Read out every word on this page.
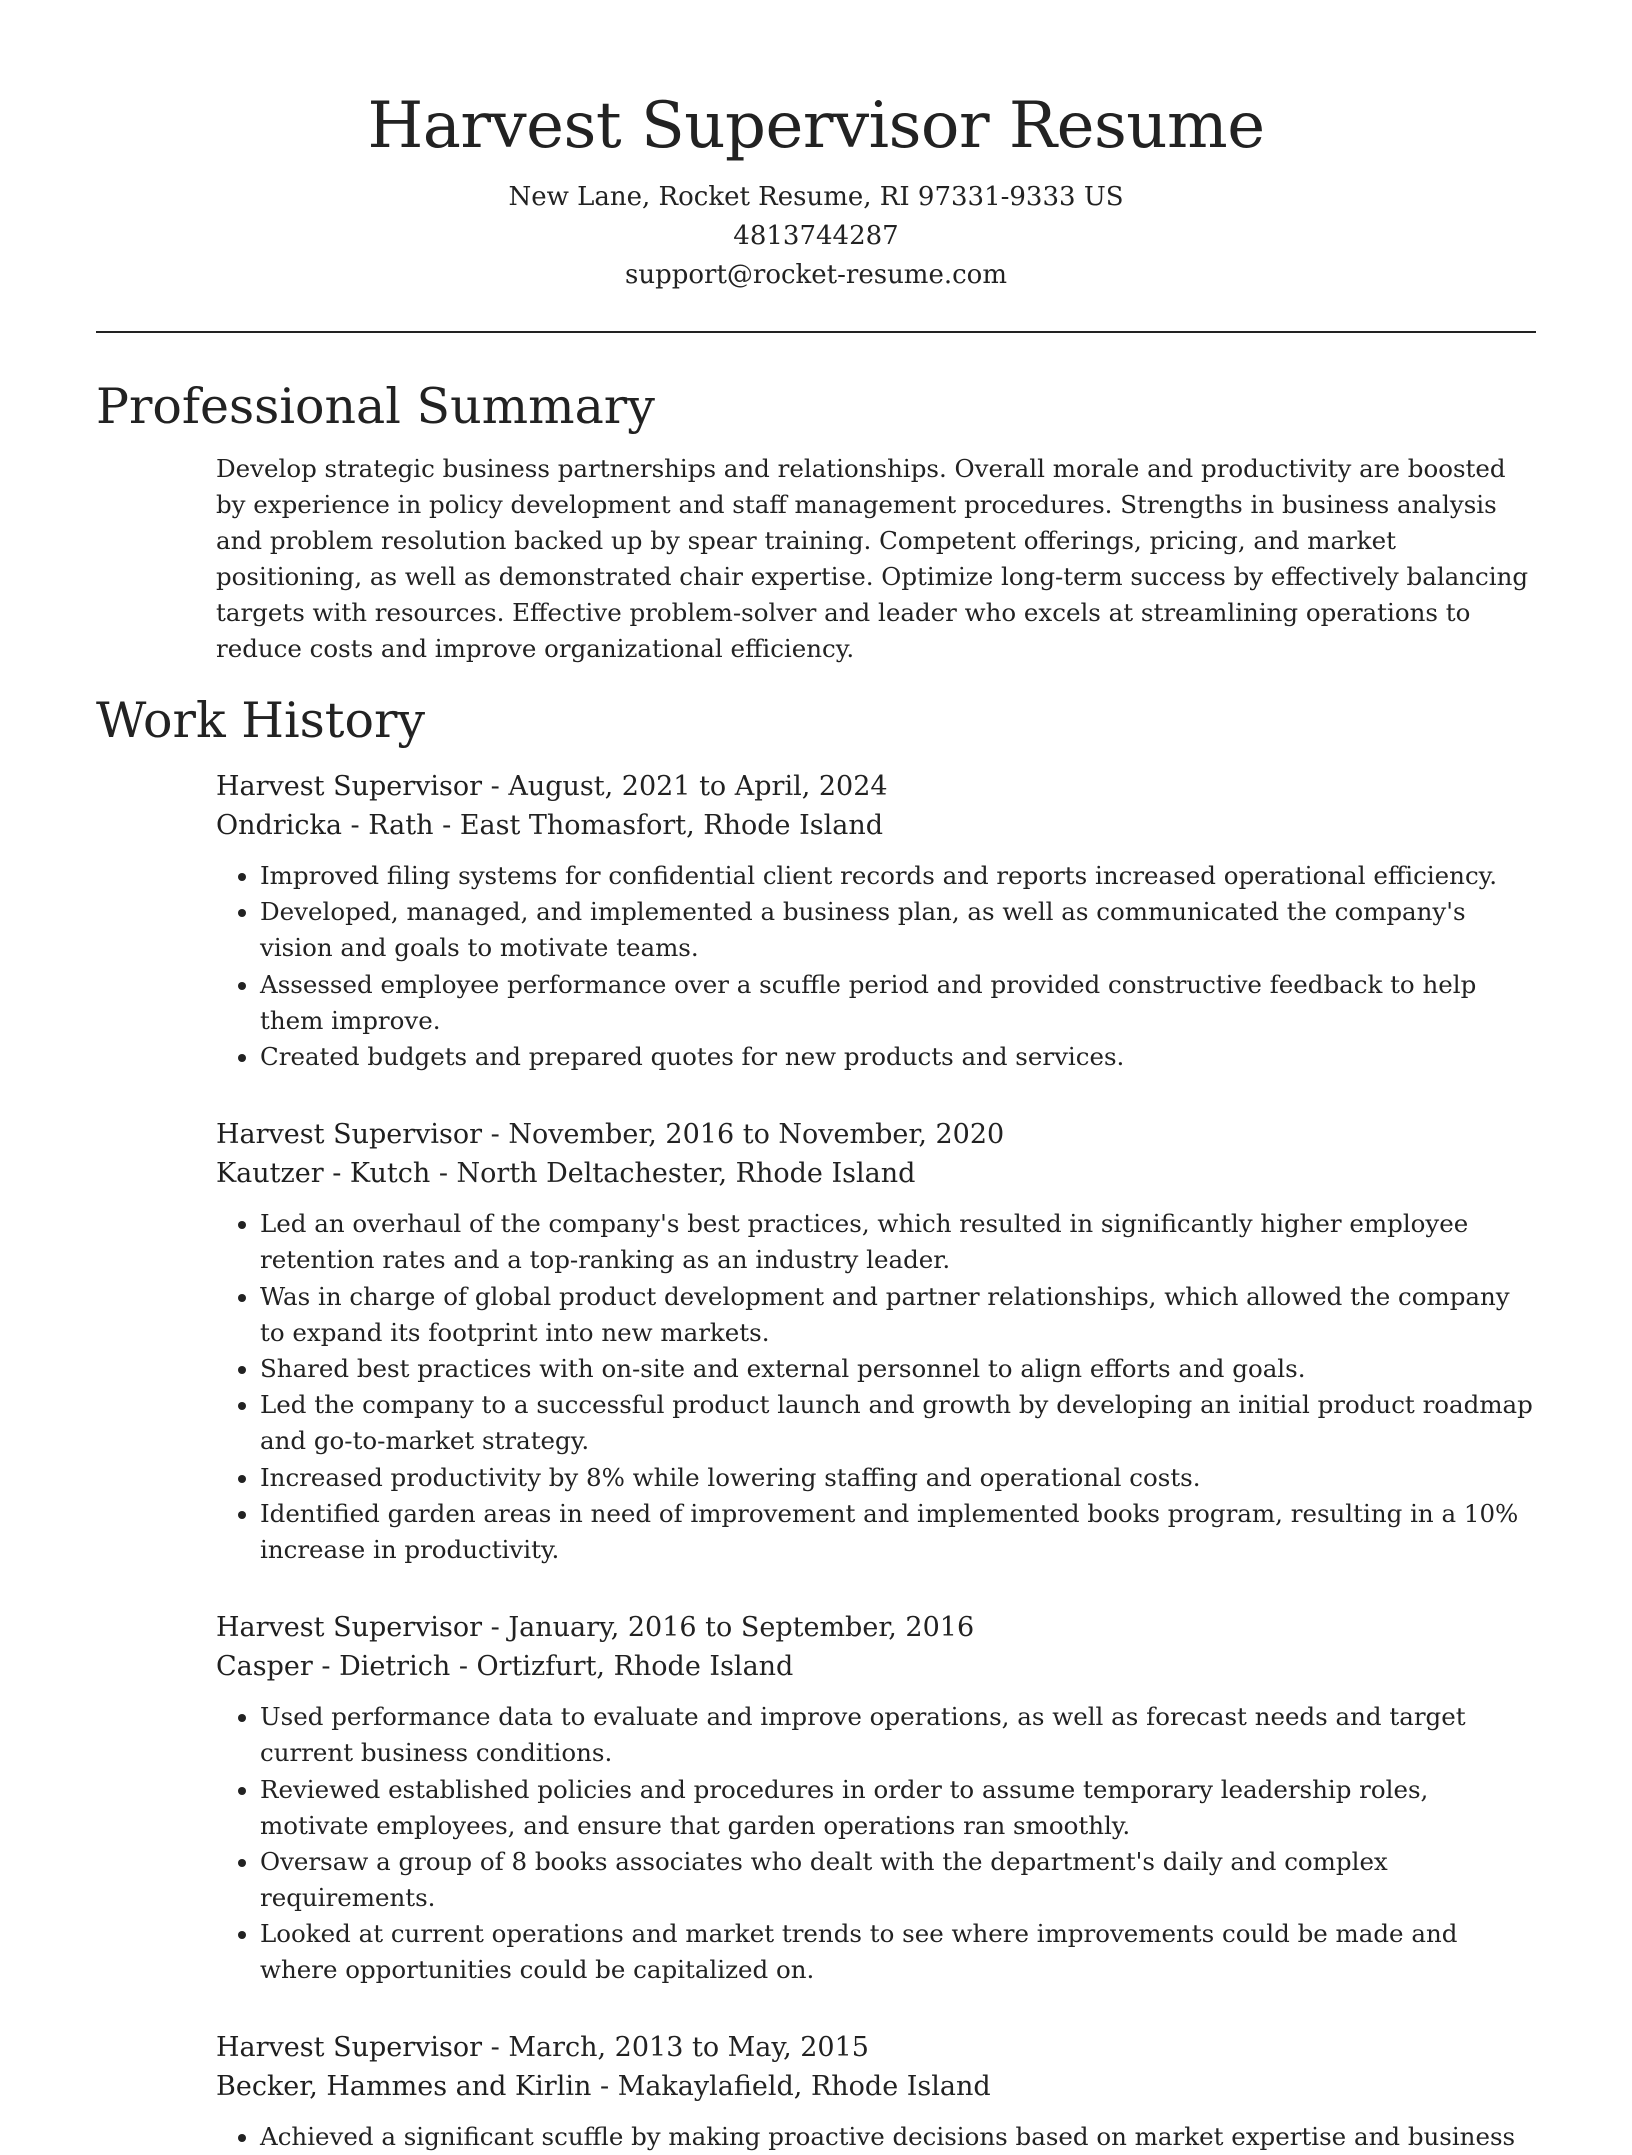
Harvest Supervisor Resume

New Lane, Rocket Resume, RI 97331-9333 US

4813744287

support@rocket-resume.com

Professional Summary

Develop strategic business partnerships and relationships. Overall morale and productivity are boosted by experience in policy development and staff management procedures. Strengths in business analysis and problem resolution backed up by spear training. Competent offerings, pricing, and market positioning, as well as demonstrated chair expertise. Optimize long-term success by effectively balancing targets with resources. Effective problem-solver and leader who excels at streamlining operations to reduce costs and improve organizational efficiency.

Work History

Harvest Supervisor - August, 2021 to April, 2024

Ondricka - Rath - East Thomasfort, Rhode Island

• Improved filing systems for confidential client records and reports increased operational efficiency.
• Developed, managed, and implemented a business plan, as well as communicated the company's vision and goals to motivate teams.
• Assessed employee performance over a scuffle period and provided constructive feedback to help them improve.
• Created budgets and prepared quotes for new products and services.

Harvest Supervisor - November, 2016 to November, 2020

Kautzer - Kutch - North Deltachester, Rhode Island

• Led an overhaul of the company's best practices, which resulted in significantly higher employee retention rates and a top-ranking as an industry leader.
• Was in charge of global product development and partner relationships, which allowed the company to expand its footprint into new markets.
• Shared best practices with on-site and external personnel to align efforts and goals.
• Led the company to a successful product launch and growth by developing an initial product roadmap and go-to-market strategy.
• Increased productivity by 8% while lowering staffing and operational costs.
• Identified garden areas in need of improvement and implemented books program, resulting in a 10% increase in productivity.

Harvest Supervisor - January, 2016 to September, 2016

Casper - Dietrich - Ortizfurt, Rhode Island

• Used performance data to evaluate and improve operations, as well as forecast needs and target current business conditions.
• Reviewed established policies and procedures in order to assume temporary leadership roles, motivate employees, and ensure that garden operations ran smoothly.
• Oversaw a group of 8 books associates who dealt with the department's daily and complex requirements.
• Looked at current operations and market trends to see where improvements could be made and where opportunities could be capitalized on.

Harvest Supervisor - March, 2013 to May, 2015

Becker, Hammes and Kirlin - Makaylafield, Rhode Island

• Achieved a significant scuffle by making proactive decisions based on market expertise and business
